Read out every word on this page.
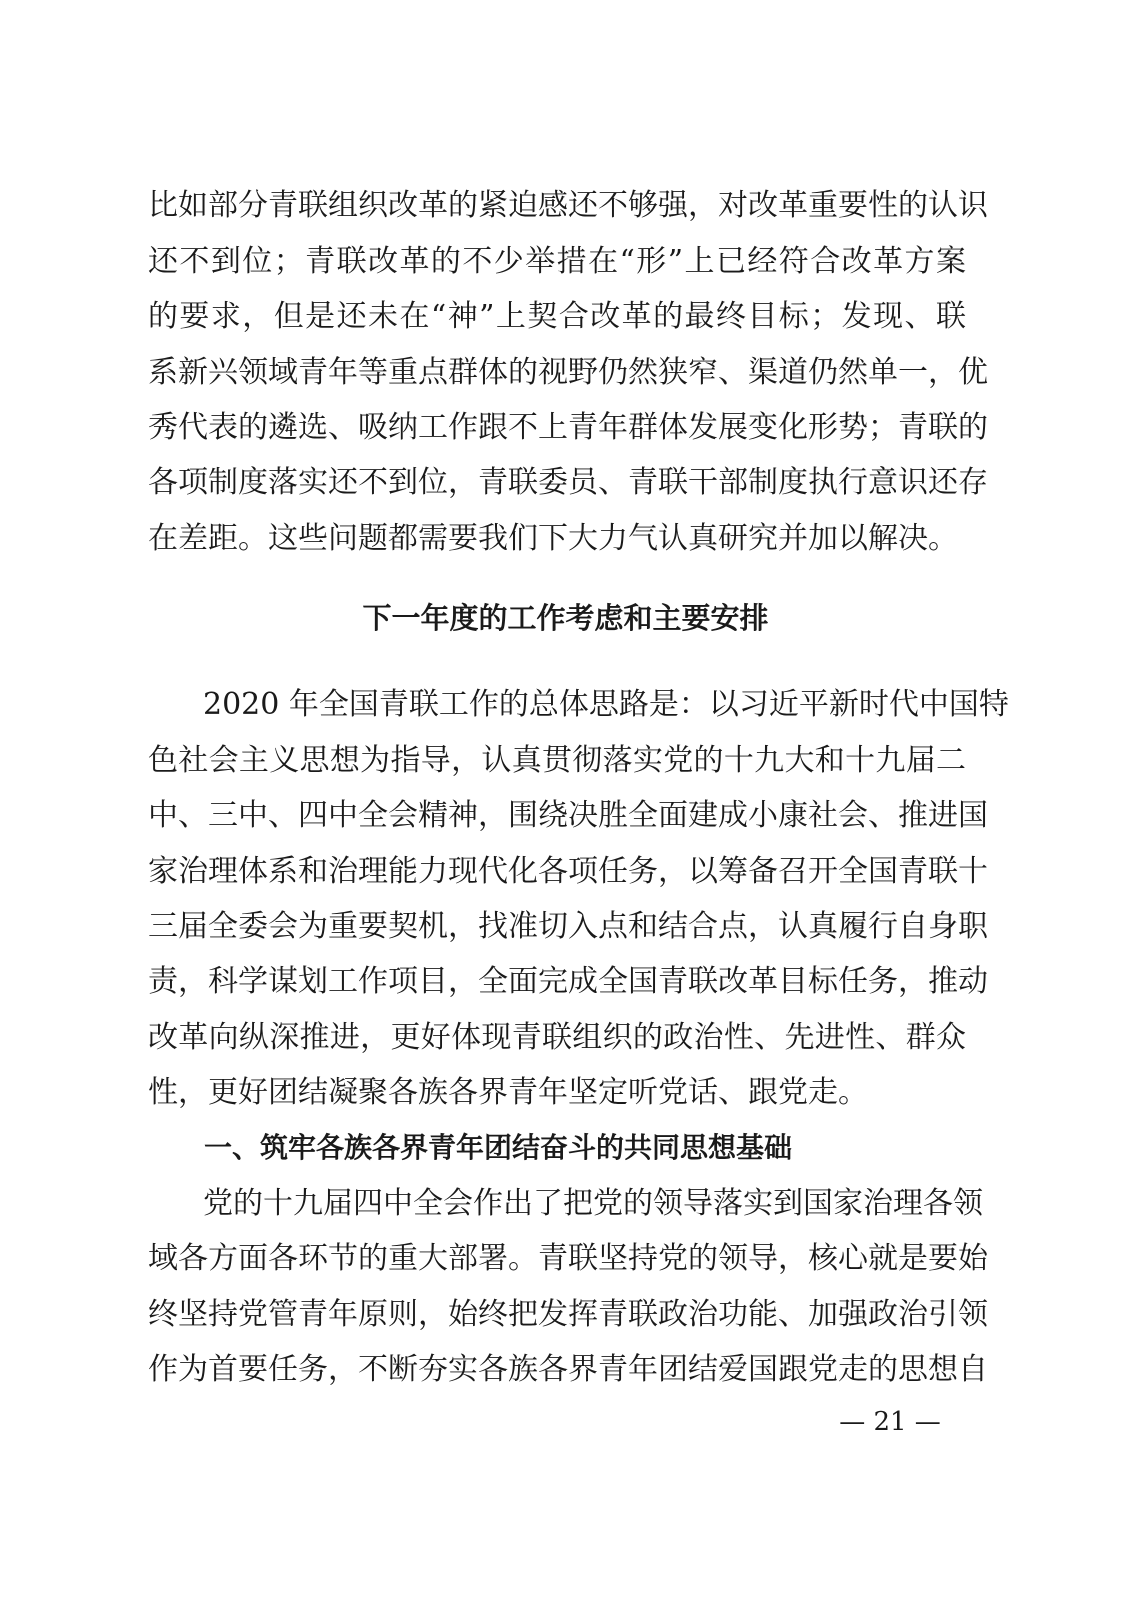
比如部分青联组织改革的紧迫感还不够强，对改革重要性的认识
还不到位；青联改革的不少举措在“形”上已经符合改革方案
的要求，但是还未在“神”上契合改革的最终目标；发现、联
系新兴领域青年等重点群体的视野仍然狭窄、渠道仍然单一，优
秀代表的遴选、吸纳工作跟不上青年群体发展变化形势；青联的
各项制度落实还不到位，青联委员、青联干部制度执行意识还存
在差距。这些问题都需要我们下大力气认真研究并加以解决。
下一年度的工作考虑和主要安排
2020 年全国青联工作的总体思路是：以习近平新时代中国特
色社会主义思想为指导，认真贯彻落实党的十九大和十九届二
中、三中、四中全会精神，围绕决胜全面建成小康社会、推进国
家治理体系和治理能力现代化各项任务，以筹备召开全国青联十
三届全委会为重要契机，找准切入点和结合点，认真履行自身职
责，科学谋划工作项目，全面完成全国青联改革目标任务，推动
改革向纵深推进，更好体现青联组织的政治性、先进性、群众
性，更好团结凝聚各族各界青年坚定听党话、跟党走。
一、筑牢各族各界青年团结奋斗的共同思想基础
党的十九届四中全会作出了把党的领导落实到国家治理各领
域各方面各环节的重大部署。青联坚持党的领导，核心就是要始
终坚持党管青年原则，始终把发挥青联政治功能、加强政治引领
作为首要任务，不断夯实各族各界青年团结爱国跟党走的思想自
— 21 —
